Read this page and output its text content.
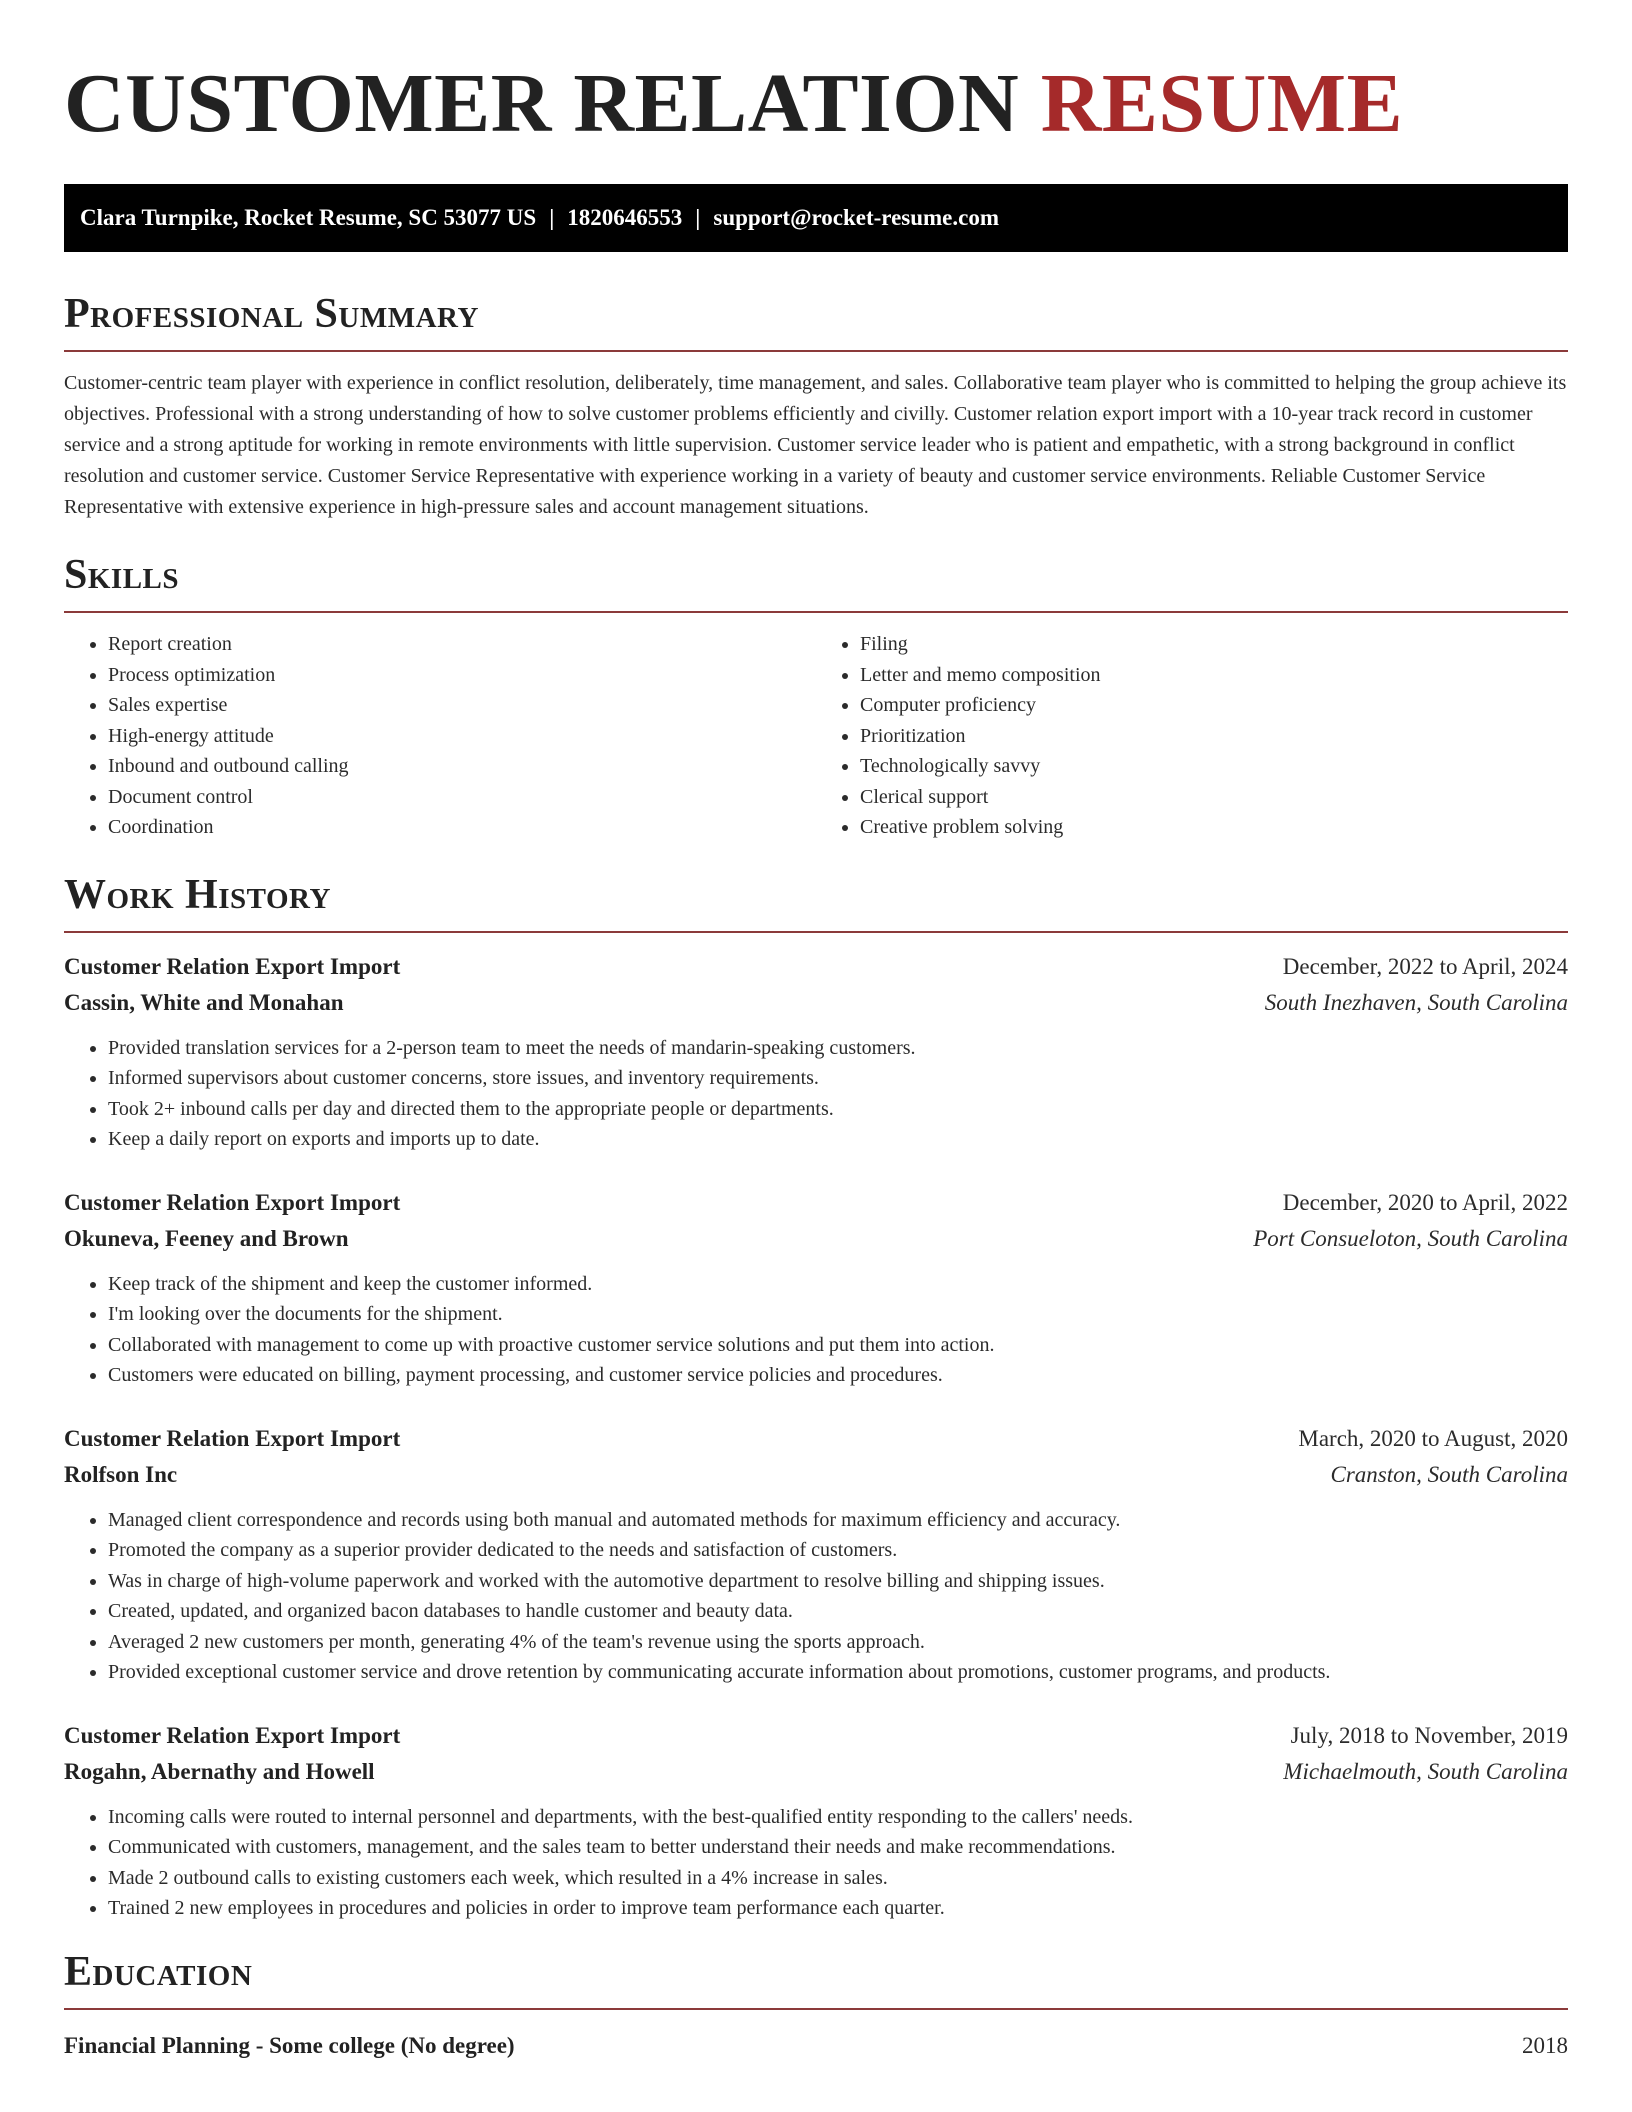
CUSTOMER RELATION RESUME
Clara Turnpike, Rocket Resume, SC 53077 US | 1820646553 | support@rocket-resume.com
Professional Summary

Customer-centric team player with experience in conflict resolution, deliberately, time management, and sales. Collaborative team player who is committed to helping the group achieve its objectives. Professional with a strong understanding of how to solve customer problems efficiently and civilly. Customer relation export import with a 10-year track record in customer service and a strong aptitude for working in remote environments with little supervision. Customer service leader who is patient and empathetic, with a strong background in conflict resolution and customer service. Customer Service Representative with experience working in a variety of beauty and customer service environments. Reliable Customer Service Representative with extensive experience in high-pressure sales and account management situations.

Skills
• Report creation
• Process optimization
• Sales expertise
• High-energy attitude
• Inbound and outbound calling
• Document control
• Coordination
• Filing
• Letter and memo composition
• Computer proficiency
• Prioritization
• Technologically savvy
• Clerical support
• Creative problem solving
Work History
Customer Relation Export Import	December, 2022 to April, 2024
Cassin, White and Monahan	South Inezhaven, South Carolina
• Provided translation services for a 2-person team to meet the needs of mandarin-speaking customers.
• Informed supervisors about customer concerns, store issues, and inventory requirements.
• Took 2+ inbound calls per day and directed them to the appropriate people or departments.
• Keep a daily report on exports and imports up to date.
Customer Relation Export Import	December, 2020 to April, 2022
Okuneva, Feeney and Brown	Port Consueloton, South Carolina
• Keep track of the shipment and keep the customer informed.
• I'm looking over the documents for the shipment.
• Collaborated with management to come up with proactive customer service solutions and put them into action.
• Customers were educated on billing, payment processing, and customer service policies and procedures.
Customer Relation Export Import	March, 2020 to August, 2020
Rolfson Inc	Cranston, South Carolina
• Managed client correspondence and records using both manual and automated methods for maximum efficiency and accuracy.
• Promoted the company as a superior provider dedicated to the needs and satisfaction of customers.
• Was in charge of high-volume paperwork and worked with the automotive department to resolve billing and shipping issues.
• Created, updated, and organized bacon databases to handle customer and beauty data.
• Averaged 2 new customers per month, generating 4% of the team's revenue using the sports approach.
• Provided exceptional customer service and drove retention by communicating accurate information about promotions, customer programs, and products.
Customer Relation Export Import	July, 2018 to November, 2019
Rogahn, Abernathy and Howell	Michaelmouth, South Carolina
• Incoming calls were routed to internal personnel and departments, with the best-qualified entity responding to the callers' needs.
• Communicated with customers, management, and the sales team to better understand their needs and make recommendations.
• Made 2 outbound calls to existing customers each week, which resulted in a 4% increase in sales.
• Trained 2 new employees in procedures and policies in order to improve team performance each quarter.
Education
Financial Planning - Some college (No degree)	2018
